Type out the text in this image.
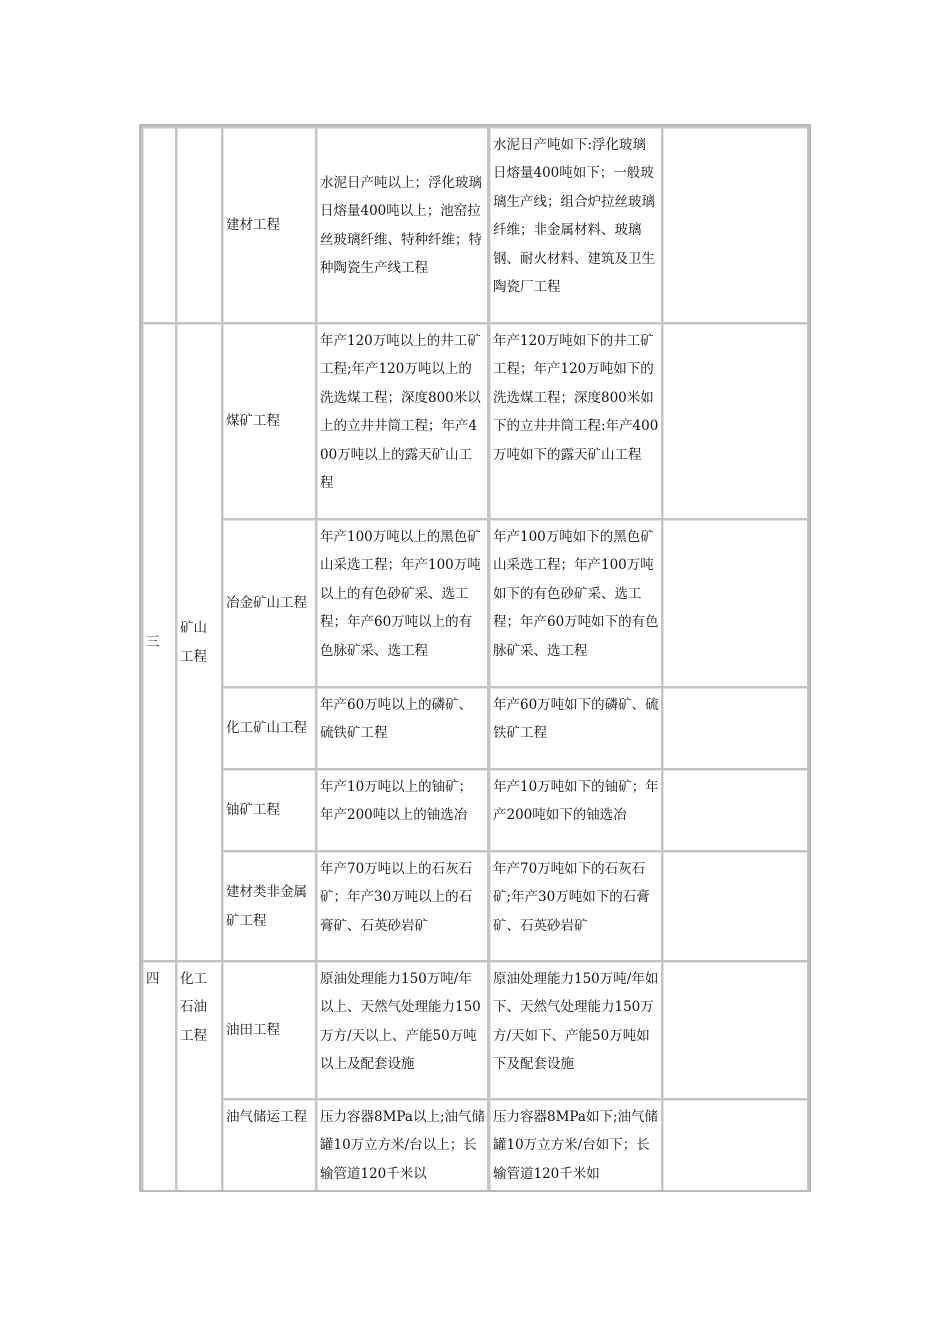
建材工程
水泥日产吨以上；浮化玻璃日熔量400吨以上；池窑拉丝玻璃纤维、特种纤维；特种陶瓷生产线工程
水泥日产吨如下:浮化玻璃日熔量400吨如下；一般玻璃生产线；组合炉拉丝玻璃纤维；非金属材料、玻璃钢、耐火材料、建筑及卫生陶瓷厂工程
三
矿山工程
煤矿工程
年产120万吨以上的井工矿工程;年产120万吨以上的洗选煤工程；深度800米以上的立井井筒工程；年产400万吨以上的露天矿山工程
年产120万吨如下的井工矿工程；年产120万吨如下的洗选煤工程；深度800米如下的立井井筒工程:年产400万吨如下的露天矿山工程
冶金矿山工程
年产100万吨以上的黑色矿山采选工程；年产100万吨以上的有色砂矿采、选工程；年产60万吨以上的有色脉矿采、选工程
年产100万吨如下的黑色矿山采选工程；年产100万吨如下的有色砂矿采、选工程；年产60万吨如下的有色脉矿采、选工程
化工矿山工程
年产60万吨以上的磷矿、硫铁矿工程
年产60万吨如下的磷矿、硫铁矿工程
铀矿工程
年产10万吨以上的铀矿；年产200吨以上的铀选冶
年产10万吨如下的铀矿；年产200吨如下的铀选冶
建材类非金属矿工程
年产70万吨以上的石灰石矿；年产30万吨以上的石膏矿、石英砂岩矿
年产70万吨如下的石灰石矿;年产30万吨如下的石膏矿、石英砂岩矿
四	化工石油工程	油田工程
原油处理能力150万吨/年以上、天然气处理能力150万方/天以上、产能50万吨以上及配套设施
原油处理能力150万吨/年如下、天然气处理能力150万方/天如下、产能50万吨如下及配套设施
油气储运工程 压力容器8MPa以上;油气储罐10万立方米/台以上；长输管道120千米以
压力容器8MPa如下;油气储罐10万立方米/台如下；长输管道120千米如
